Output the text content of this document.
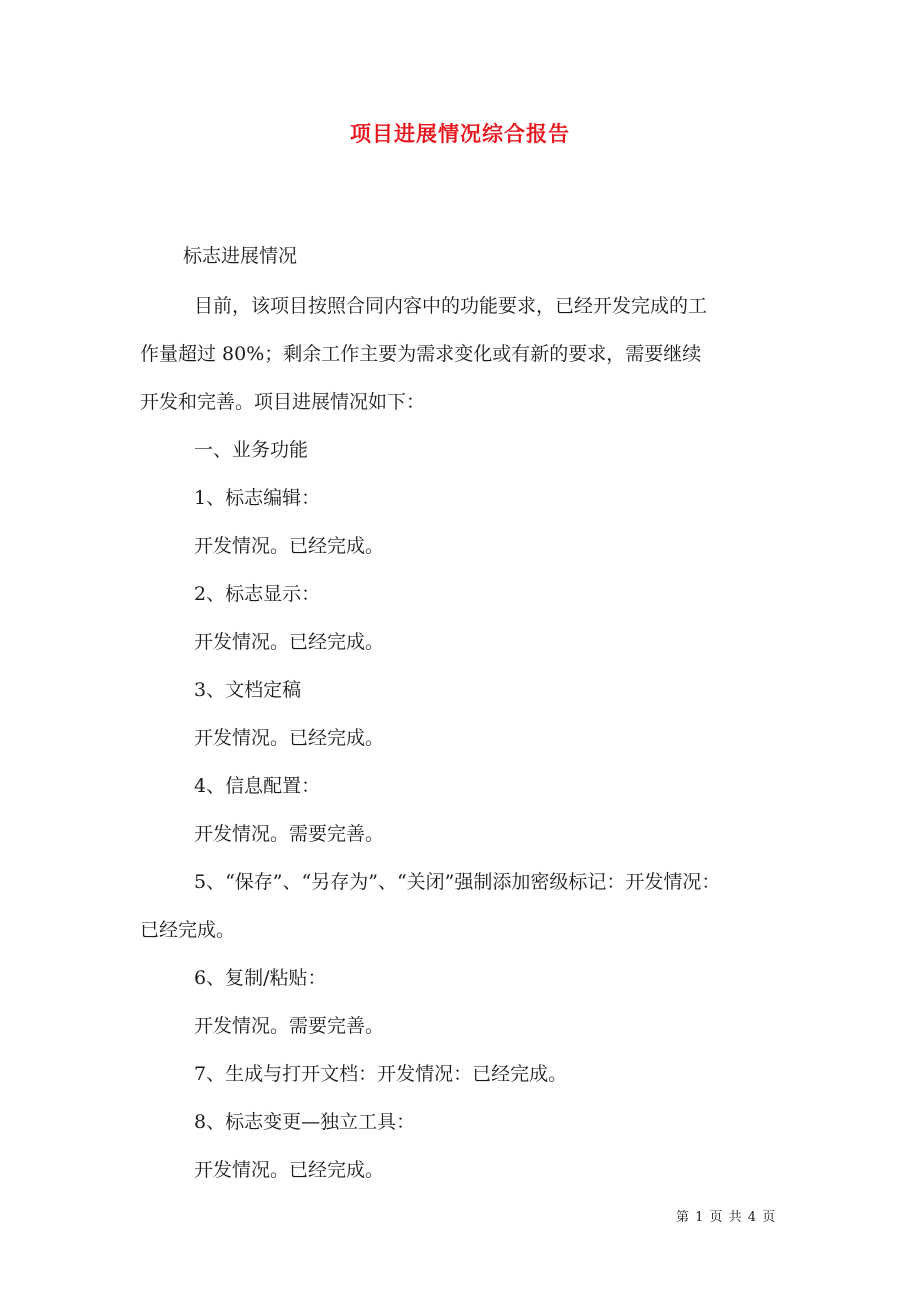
项目进展情况综合报告
标志进展情况
目前，该项目按照合同内容中的功能要求，已经开发完成的工
作量超过 80%；剩余工作主要为需求变化或有新的要求，需要继续
开发和完善。项目进展情况如下：
一、业务功能
1、标志编辑：
开发情况。已经完成。
2、标志显示：
开发情况。已经完成。
3、文档定稿
开发情况。已经完成。
4、信息配置：
开发情况。需要完善。
5、“保存”、“另存为”、“关闭”强制添加密级标记：开发情况：
已经完成。
6、复制/粘贴：
开发情况。需要完善。
7、生成与打开文档：开发情况：已经完成。
8、标志变更—独立工具：
开发情况。已经完成。
第 1 页 共 4 页
